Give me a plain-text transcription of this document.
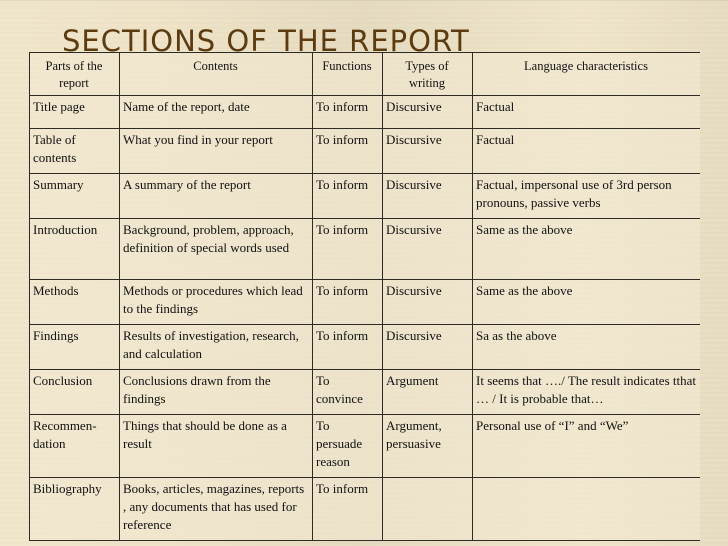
SECTIONS OF THE REPORT
Parts of the report	Contents	Functions	Types of writing	Language characteristics
Title page	Name of the report, date	To inform	Discursive	Factual
Table of contents	What you find in your report	To inform	Discursive	Factual
Summary	A summary of the report	To inform	Discursive	Factual, impersonal use of 3rd person pronouns, passive verbs
Introduction	Background, problem, approach, definition of special words used	To inform	Discursive	Same as the above
Methods	Methods or procedures which lead to the findings	To inform	Discursive	Same as the above
Findings	Results of investigation, research, and calculation	To inform	Discursive	Sa as the above
Conclusion	Conclusions drawn from the findings	To convince	Argument	It seems that …./ The result indicates tthat … / It is probable that…
Recommen-dation	Things that should be done as a result	To persuade reason	Argument, persuasive	Personal use of “I” and “We”
Bibliography	Books, articles, magazines, reports , any documents that has used for reference	To inform		
